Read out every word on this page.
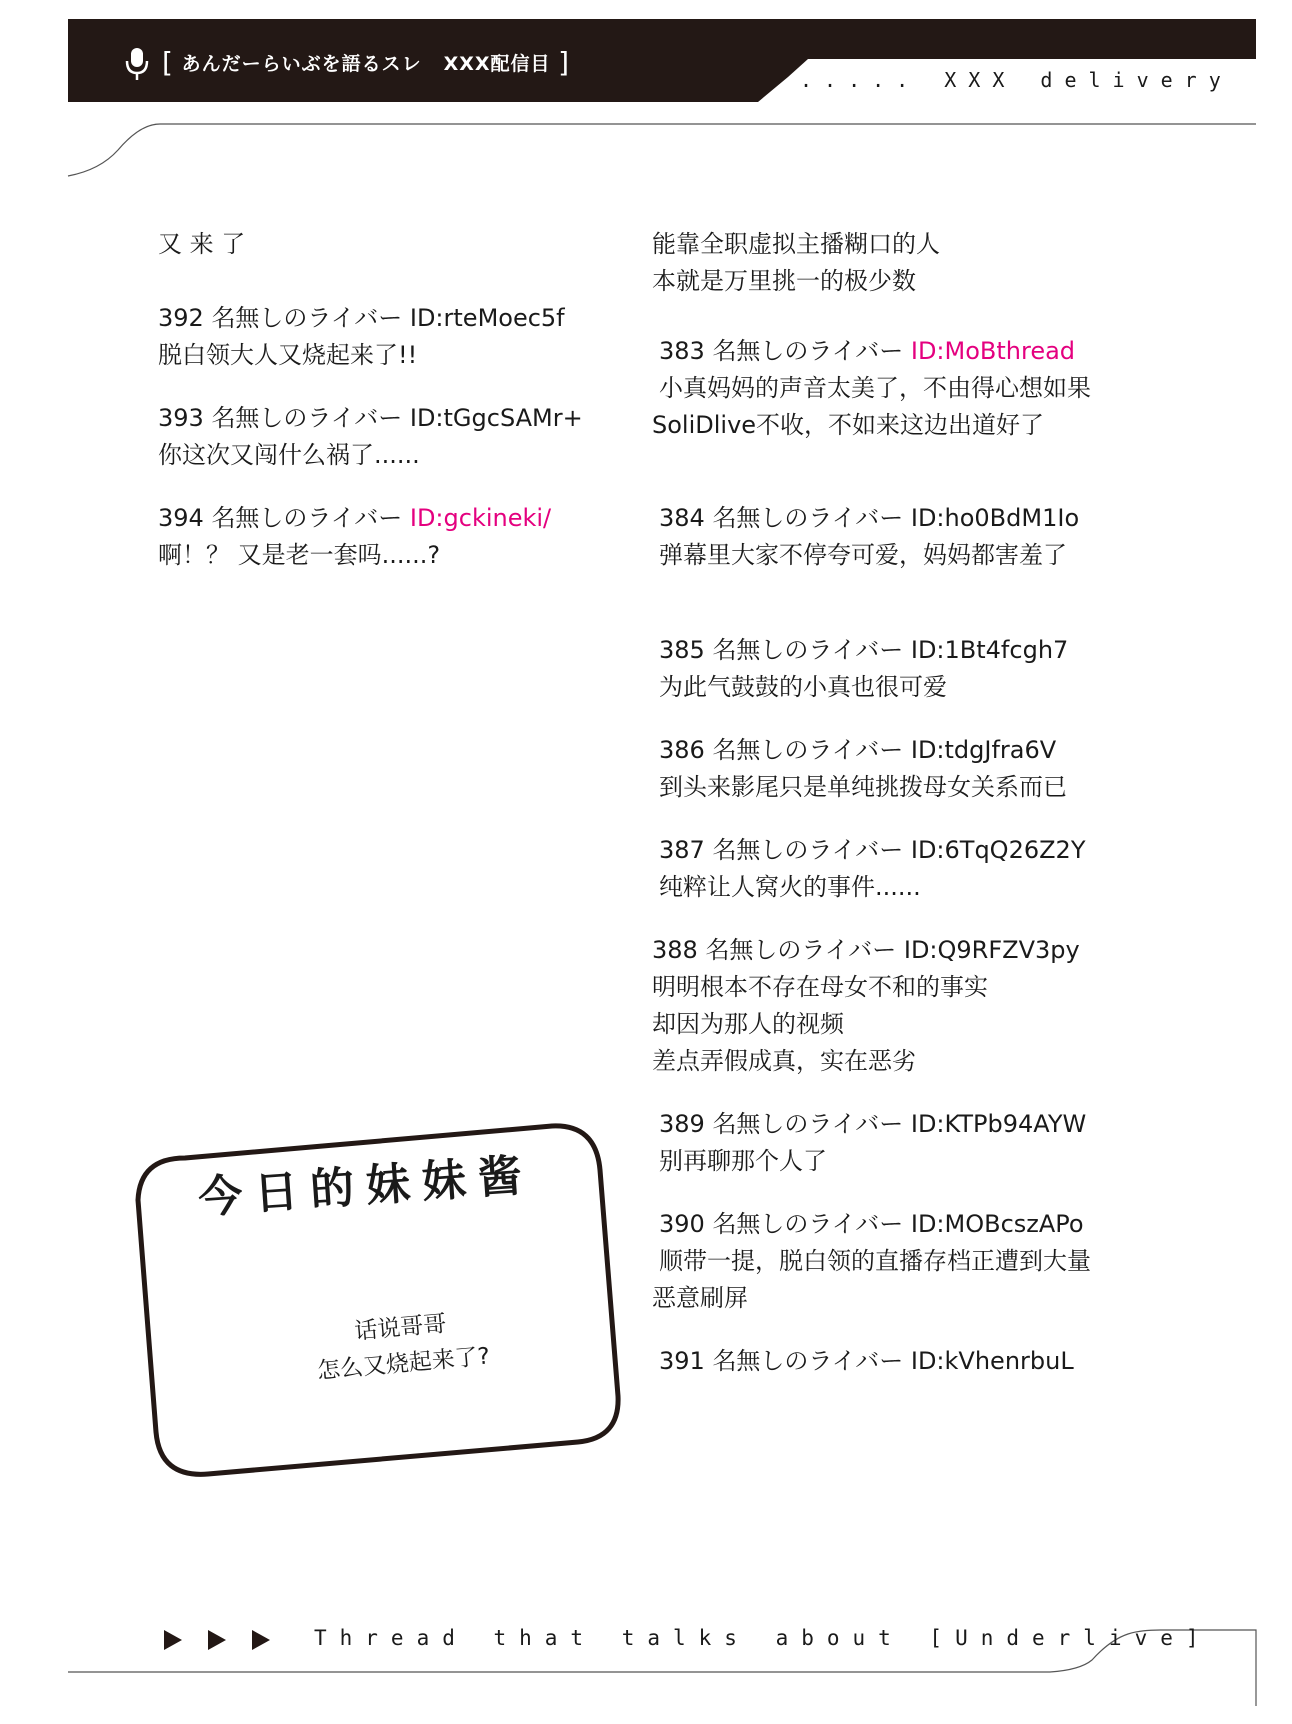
[ あんだーらいぶを語るスレ XXX配信目 ]
..... XXX delivery
又 来 了
392 名無しのライバー ID:rteMoec5f
脱白领大人又烧起来了!!
393 名無しのライバー ID:tGgcSAMr+
你这次又闯什么祸了......
394 名無しのライバー ID:gckineki/
啊！？ 又是老一套吗......?
能靠全职虚拟主播糊口的人
本就是万里挑一的极少数
383 名無しのライバー ID:MoBthread
小真妈妈的声音太美了，不由得心想如果
SoliDlive不收，不如来这边出道好了
384 名無しのライバー ID:ho0BdM1Io
弹幕里大家不停夸可爱，妈妈都害羞了
385 名無しのライバー ID:1Bt4fcgh7
为此气鼓鼓的小真也很可爱
386 名無しのライバー ID:tdgJfra6V
到头来影尾只是单纯挑拨母女关系而已
387 名無しのライバー ID:6TqQ26Z2Y
纯粹让人窝火的事件......
388 名無しのライバー ID:Q9RFZV3py
明明根本不存在母女不和的事实
却因为那人的视频
差点弄假成真，实在恶劣
389 名無しのライバー ID:KTPb94AYW
别再聊那个人了
390 名無しのライバー ID:MOBcszAPo
顺带一提，脱白领的直播存档正遭到大量
恶意刷屏
391 名無しのライバー ID:kVhenrbuL
今日的妹妹酱
话说哥哥
怎么又烧起来了?
Thread that talks about [Underlive]
